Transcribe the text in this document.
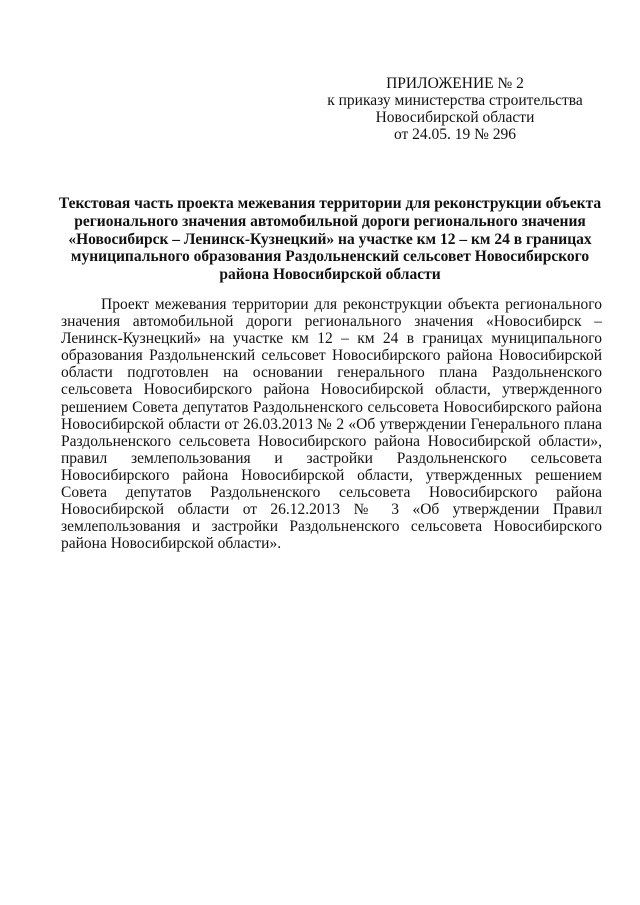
ПРИЛОЖЕНИЕ № 2
к приказу министерства строительства
Новосибирской области
от 24.05. 19 № 296
Текстовая часть проекта межевания территории для реконструкции объекта
регионального значения автомобильной дороги регионального значения
«Новосибирск – Ленинск-Кузнецкий» на участке км 12 – км 24 в границах
муниципального образования Раздольненский сельсовет Новосибирского
района Новосибирской области

Проект межевания территории для реконструкции объекта регионального значения автомобильной дороги регионального значения «Новосибирск – Ленинск-Кузнецкий» на участке км 12 – км 24 в границах муниципального образования Раздольненский сельсовет Новосибирского района Новосибирской области подготовлен на основании генерального плана Раздольненского сельсовета Новосибирского района Новосибирской области, утвержденного решением Совета депутатов Раздольненского сельсовета Новосибирского района Новосибирской области от 26.03.2013 № 2 «Об утверждении Генерального плана Раздольненского сельсовета Новосибирского района Новосибирской области», правил землепользования и застройки Раздольненского сельсовета Новосибирского района Новосибирской области, утвержденных решением Совета депутатов Раздольненского сельсовета Новосибирского района Новосибирской области от 26.12.2013 № 3 «Об утверждении Правил землепользования и застройки Раздольненского сельсовета Новосибирского района Новосибирской области».
